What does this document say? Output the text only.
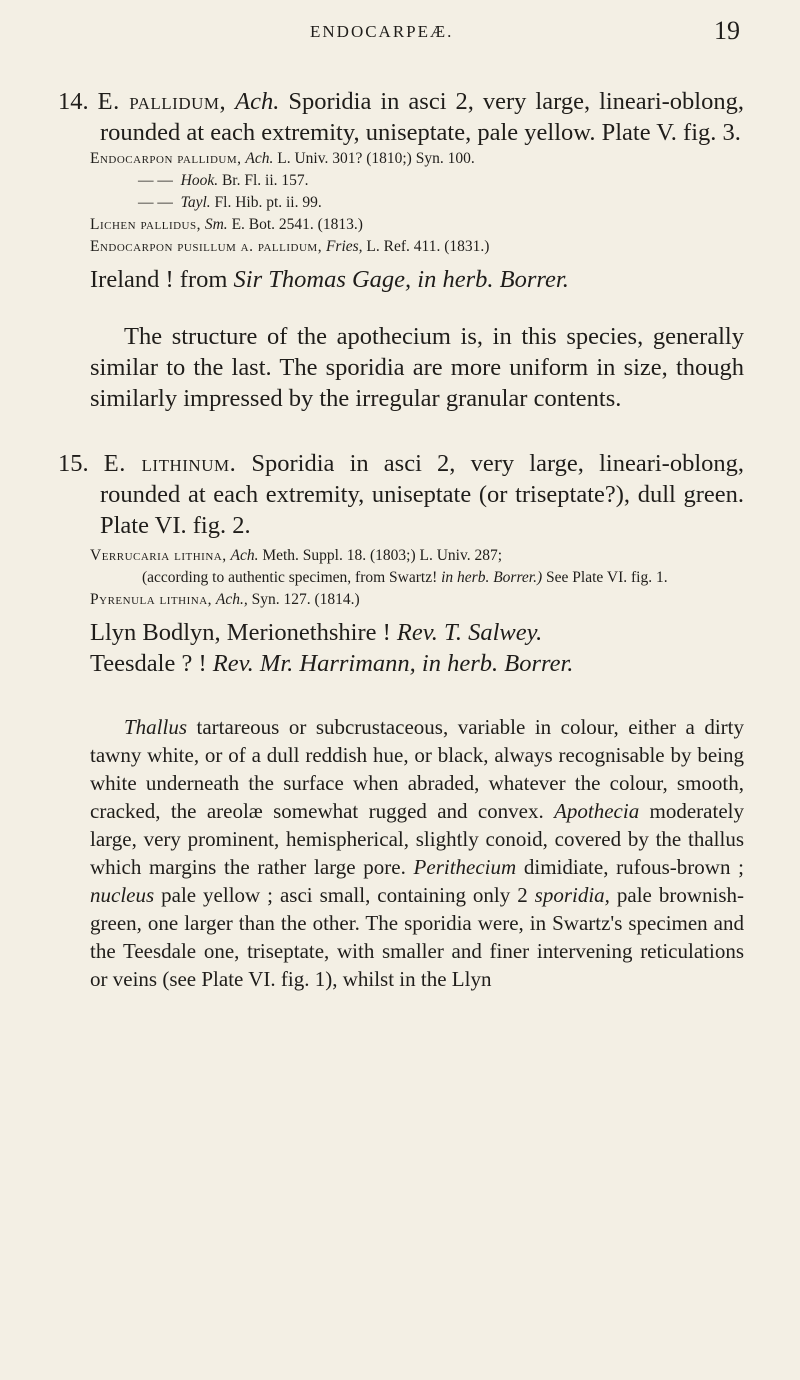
ENDOCARPEÆ.	19

14. E. pallidum, Ach. Sporidia in asci 2, very large, lineari-oblong, rounded at each extremity, uniseptate, pale yellow. Plate V. fig. 3.

Endocarpon pallidum, Ach. L. Univ. 301? (1810;) Syn. 100.

— — Hook. Br. Fl. ii. 157.

— — Tayl. Fl. Hib. pt. ii. 99.

Lichen pallidus, Sm. E. Bot. 2541. (1813.)

Endocarpon pusillum α. pallidum, Fries, L. Ref. 411. (1831.)

Ireland ! from Sir Thomas Gage, in herb. Borrer.

The structure of the apothecium is, in this species, generally similar to the last. The sporidia are more uniform in size, though similarly impressed by the irregular granular contents.

15. E. lithinum. Sporidia in asci 2, very large, lineari-oblong, rounded at each extremity, uniseptate (or triseptate?), dull green. Plate VI. fig. 2.

Verrucaria lithina, Ach. Meth. Suppl. 18. (1803;) L. Univ. 287;

(according to authentic specimen, from Swartz! in herb. Borrer.) See Plate VI. fig. 1.

Pyrenula lithina, Ach., Syn. 127. (1814.)

Llyn Bodlyn, Merionethshire ! Rev. T. Salwey.

Teesdale ? ! Rev. Mr. Harrimann, in herb. Borrer.

Thallus tartareous or subcrustaceous, variable in colour, either a dirty tawny white, or of a dull reddish hue, or black, always recognisable by being white underneath the surface when abraded, whatever the colour, smooth, cracked, the areolæ somewhat rugged and convex. Apothecia moderately large, very prominent, hemispherical, slightly conoid, covered by the thallus which margins the rather large pore. Perithecium dimidiate, rufous-brown ; nucleus pale yellow ; asci small, containing only 2 sporidia, pale brownish-green, one larger than the other. The sporidia were, in Swartz's specimen and the Teesdale one, triseptate, with smaller and finer intervening reticulations or veins (see Plate VI. fig. 1), whilst in the Llyn
